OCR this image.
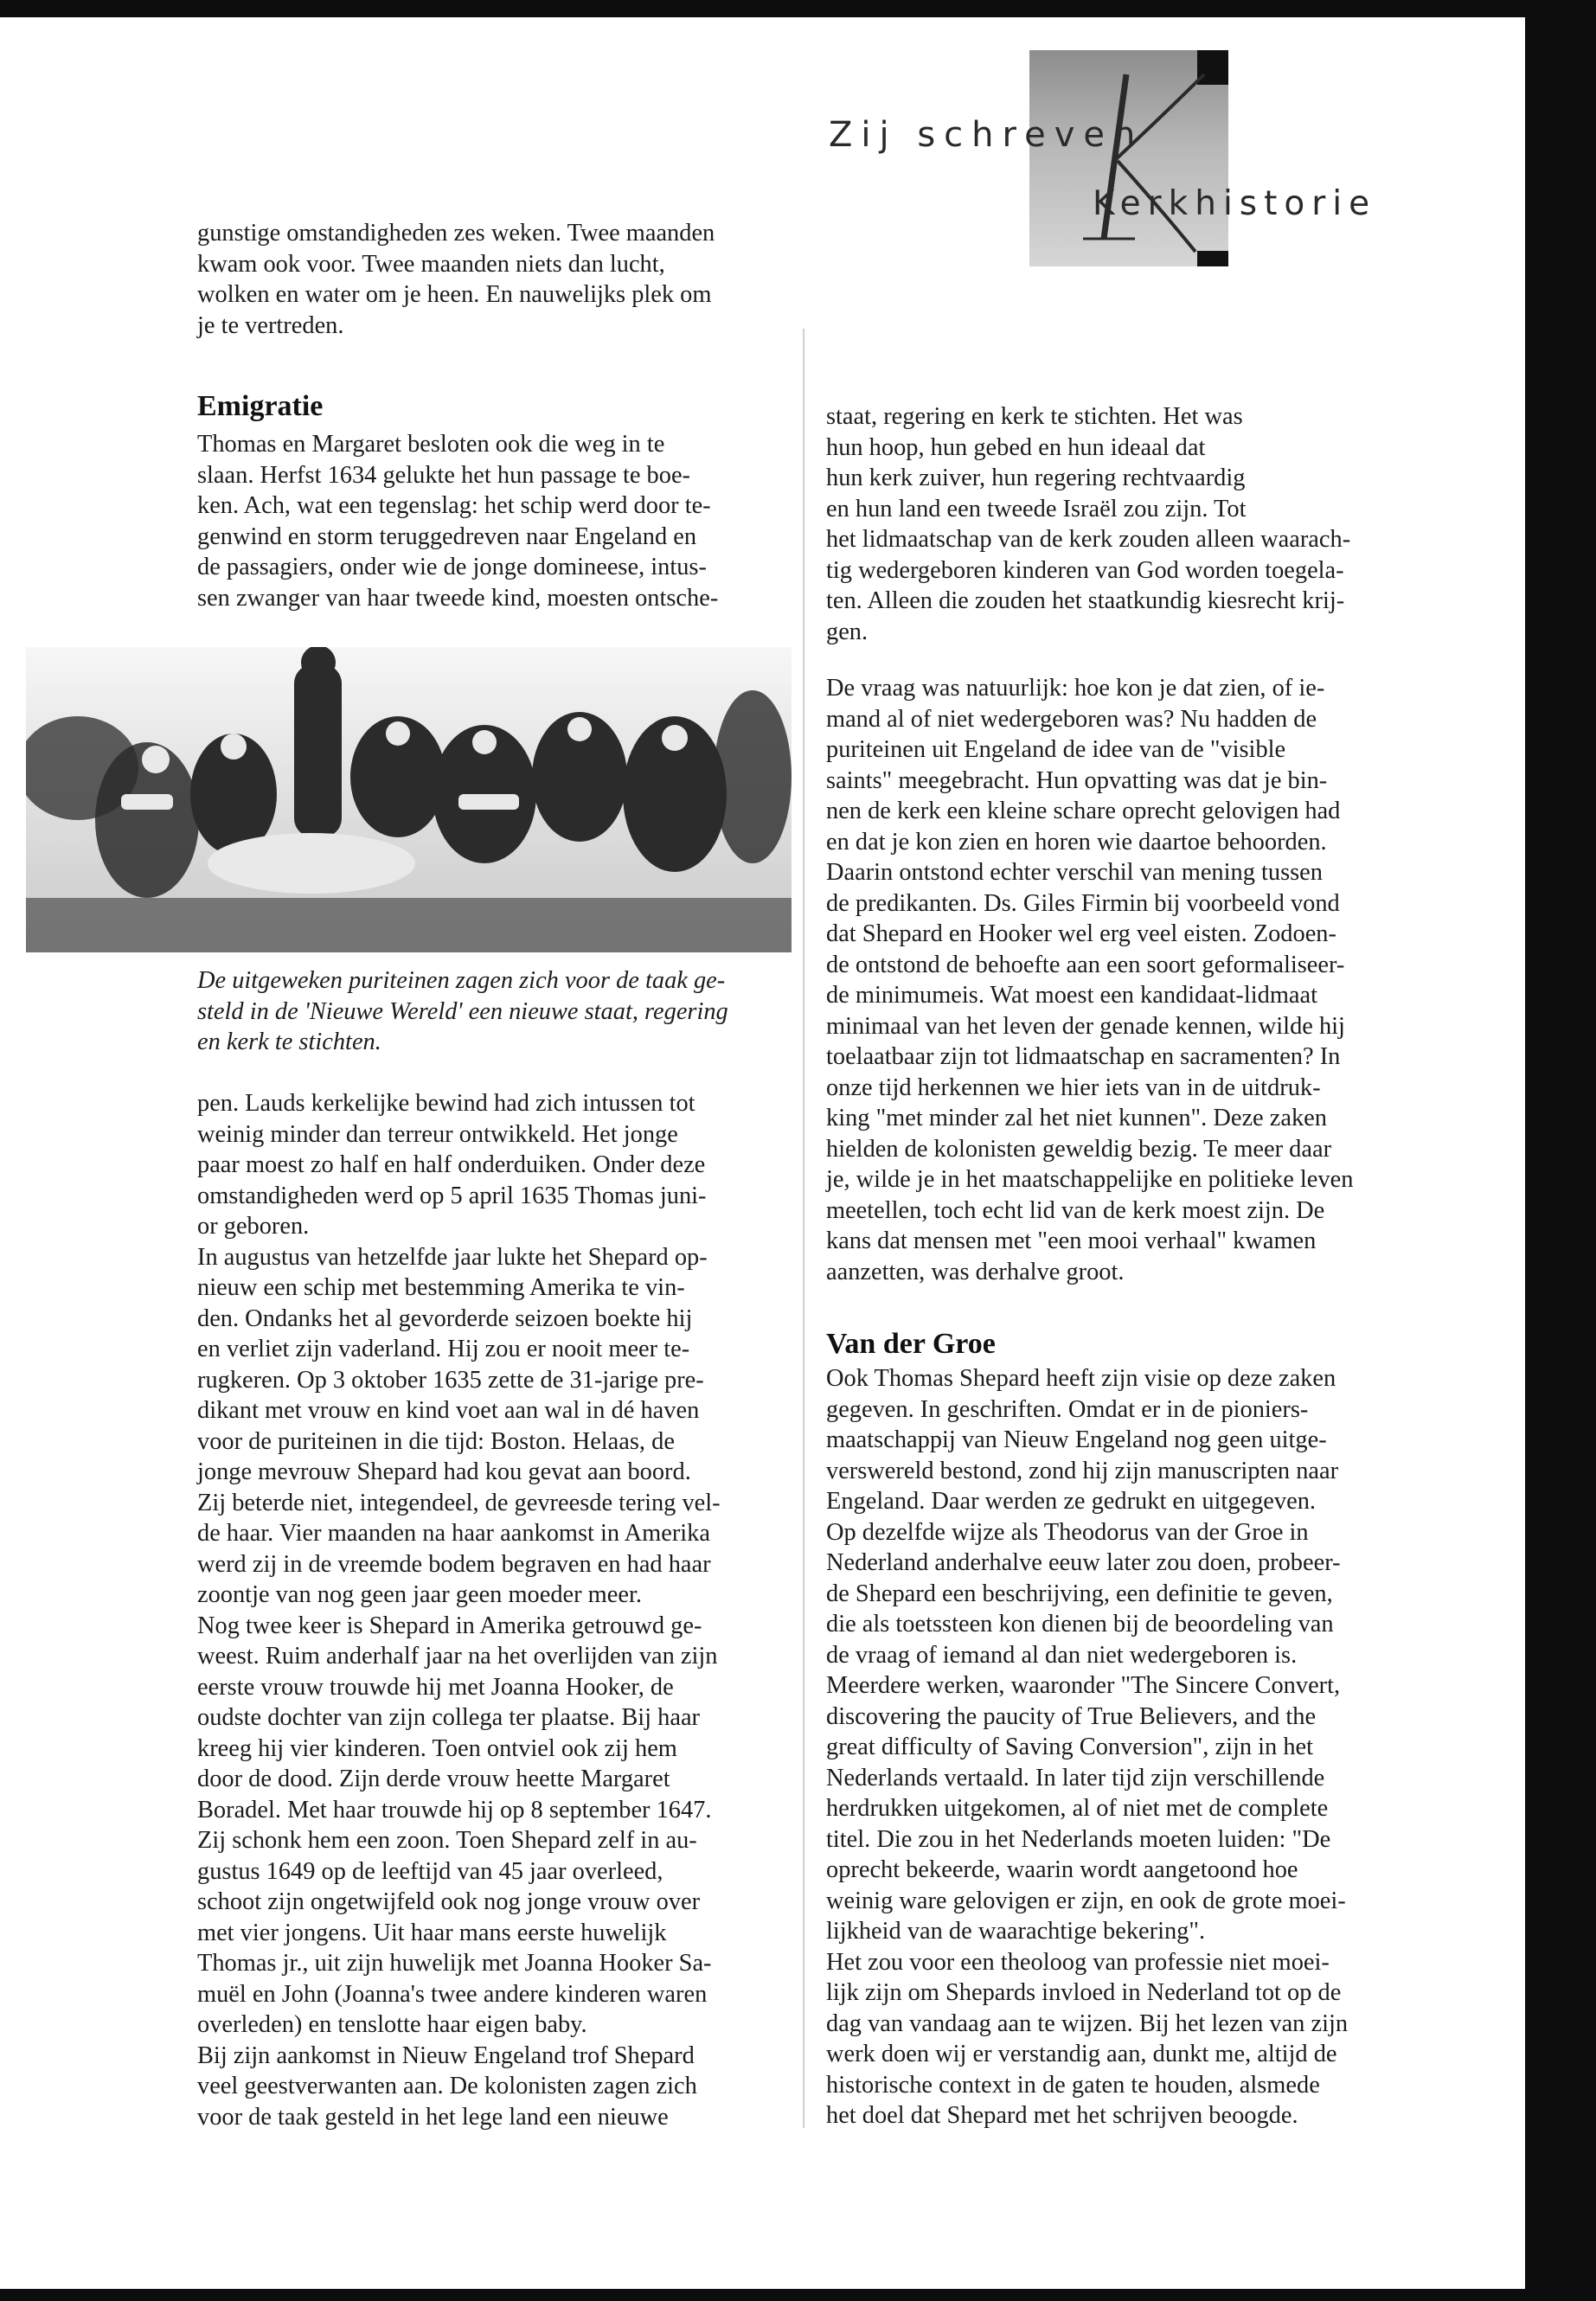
Zij schreven
Kerkhistorie

gunstige omstandigheden zes weken. Twee maanden
kwam ook voor. Twee maanden niets dan lucht,
wolken en water om je heen. En nauwelijks plek om
je te vertreden.

Emigratie

Thomas en Margaret besloten ook die weg in te
slaan. Herfst 1634 gelukte het hun passage te boe-
ken. Ach, wat een tegenslag: het schip werd door te-
genwind en storm teruggedreven naar Engeland en
de passagiers, onder wie de jonge domineese, intus-
sen zwanger van haar tweede kind, moesten ontsche-

De uitgeweken puriteinen zagen zich voor de taak ge-
steld in de 'Nieuwe Wereld' een nieuwe staat, regering
en kerk te stichten.

pen. Lauds kerkelijke bewind had zich intussen tot
weinig minder dan terreur ontwikkeld. Het jonge
paar moest zo half en half onderduiken. Onder deze
omstandigheden werd op 5 april 1635 Thomas juni-
or geboren.

In augustus van hetzelfde jaar lukte het Shepard op-
nieuw een schip met bestemming Amerika te vin-
den. Ondanks het al gevorderde seizoen boekte hij
en verliet zijn vaderland. Hij zou er nooit meer te-
rugkeren. Op 3 oktober 1635 zette de 31-jarige pre-
dikant met vrouw en kind voet aan wal in dé haven
voor de puriteinen in die tijd: Boston. Helaas, de
jonge mevrouw Shepard had kou gevat aan boord.
Zij beterde niet, integendeel, de gevreesde tering vel-
de haar. Vier maanden na haar aankomst in Amerika
werd zij in de vreemde bodem begraven en had haar
zoontje van nog geen jaar geen moeder meer.

Nog twee keer is Shepard in Amerika getrouwd ge-
weest. Ruim anderhalf jaar na het overlijden van zijn
eerste vrouw trouwde hij met Joanna Hooker, de
oudste dochter van zijn collega ter plaatse. Bij haar
kreeg hij vier kinderen. Toen ontviel ook zij hem
door de dood. Zijn derde vrouw heette Margaret
Boradel. Met haar trouwde hij op 8 september 1647.
Zij schonk hem een zoon. Toen Shepard zelf in au-
gustus 1649 op de leeftijd van 45 jaar overleed,
schoot zijn ongetwijfeld ook nog jonge vrouw over
met vier jongens. Uit haar mans eerste huwelijk
Thomas jr., uit zijn huwelijk met Joanna Hooker Sa-
muël en John (Joanna's twee andere kinderen waren
overleden) en tenslotte haar eigen baby.

Bij zijn aankomst in Nieuw Engeland trof Shepard
veel geestverwanten aan. De kolonisten zagen zich
voor de taak gesteld in het lege land een nieuwe

staat, regering en kerk te stichten. Het was
hun hoop, hun gebed en hun ideaal dat
hun kerk zuiver, hun regering rechtvaardig
en hun land een tweede Israël zou zijn. Tot
het lidmaatschap van de kerk zouden alleen waarach-
tig wedergeboren kinderen van God worden toegela-
ten. Alleen die zouden het staatkundig kiesrecht krij-
gen.

De vraag was natuurlijk: hoe kon je dat zien, of ie-
mand al of niet wedergeboren was? Nu hadden de
puriteinen uit Engeland de idee van de "visible
saints" meegebracht. Hun opvatting was dat je bin-
nen de kerk een kleine schare oprecht gelovigen had
en dat je kon zien en horen wie daartoe behoorden.
Daarin ontstond echter verschil van mening tussen
de predikanten. Ds. Giles Firmin bij voorbeeld vond
dat Shepard en Hooker wel erg veel eisten. Zodoen-
de ontstond de behoefte aan een soort geformaliseer-
de minimumeis. Wat moest een kandidaat-lidmaat
minimaal van het leven der genade kennen, wilde hij
toelaatbaar zijn tot lidmaatschap en sacramenten? In
onze tijd herkennen we hier iets van in de uitdruk-
king "met minder zal het niet kunnen". Deze zaken
hielden de kolonisten geweldig bezig. Te meer daar
je, wilde je in het maatschappelijke en politieke leven
meetellen, toch echt lid van de kerk moest zijn. De
kans dat mensen met "een mooi verhaal" kwamen
aanzetten, was derhalve groot.

Van der Groe

Ook Thomas Shepard heeft zijn visie op deze zaken
gegeven. In geschriften. Omdat er in de pioniers-
maatschappij van Nieuw Engeland nog geen uitge-
verswereld bestond, zond hij zijn manuscripten naar
Engeland. Daar werden ze gedrukt en uitgegeven.

Op dezelfde wijze als Theodorus van der Groe in
Nederland anderhalve eeuw later zou doen, probeer-
de Shepard een beschrijving, een definitie te geven,
die als toetssteen kon dienen bij de beoordeling van
de vraag of iemand al dan niet wedergeboren is.
Meerdere werken, waaronder "The Sincere Convert,
discovering the paucity of True Believers, and the
great difficulty of Saving Conversion", zijn in het
Nederlands vertaald. In later tijd zijn verschillende
herdrukken uitgekomen, al of niet met de complete
titel. Die zou in het Nederlands moeten luiden: "De
oprecht bekeerde, waarin wordt aangetoond hoe
weinig ware gelovigen er zijn, en ook de grote moei-
lijkheid van de waarachtige bekering".

Het zou voor een theoloog van professie niet moei-
lijk zijn om Shepards invloed in Nederland tot op de
dag van vandaag aan te wijzen. Bij het lezen van zijn
werk doen wij er verstandig aan, dunkt me, altijd de
historische context in de gaten te houden, alsmede
het doel dat Shepard met het schrijven beoogde.
